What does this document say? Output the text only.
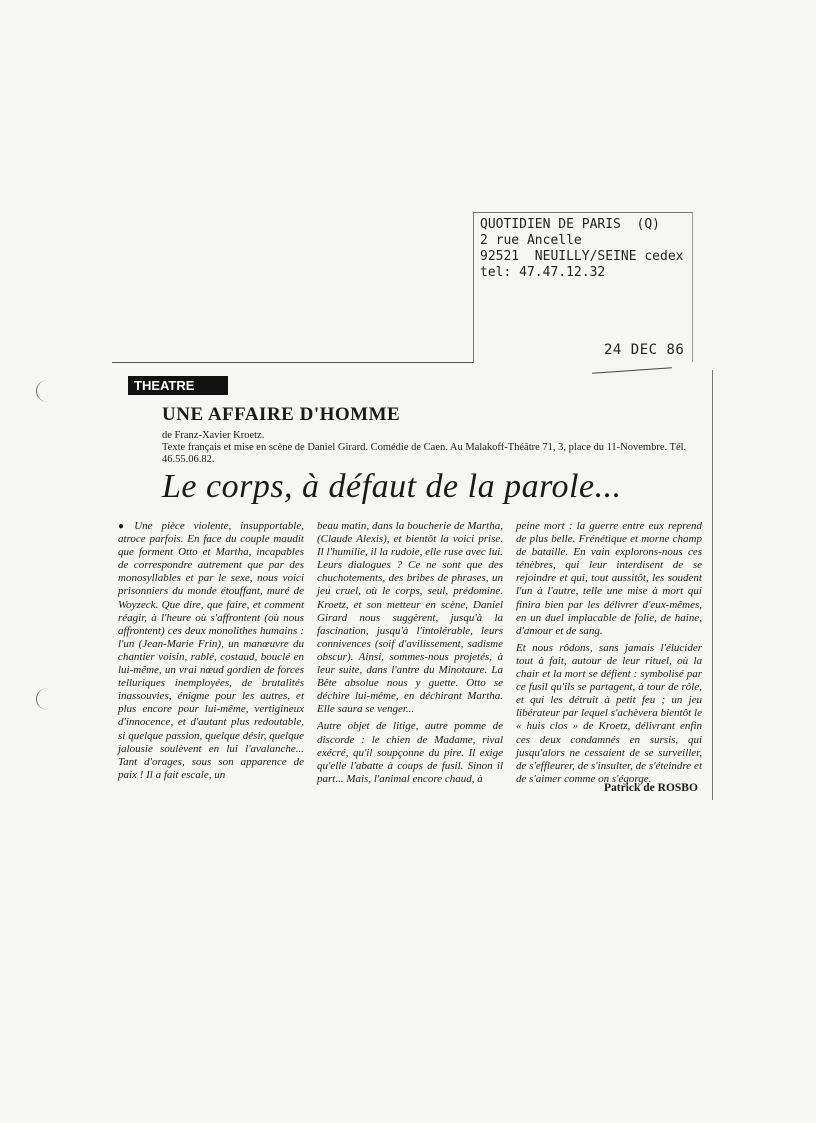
QUOTIDIEN DE PARIS  (Q)
2 rue Ancelle
92521  NEUILLY/SEINE cedex
tel: 47.47.12.32
24 DEC 86
THEATRE
UNE AFFAIRE D'HOMME
de Franz-Xavier Kroetz.
Texte français et mise en scène de Daniel Girard. Comédie de Caen. Au Malakoff-Théâtre 71, 3, place du 11-Novembre. Tél. 46.55.06.82.
Le corps, à défaut de la parole...

● Une pièce violente, insupportable, atroce parfois. En face du couple maudit que forment Otto et Martha, incapables de correspondre autrement que par des monosyllables et par le sexe, nous voici prisonniers du monde étouffant, muré de Woyzeck. Que dire, que faire, et comment réagir, à l'heure où s'affrontent (où nous affrontent) ces deux monolithes humains : l'un (Jean-Marie Frin), un manœuvre du chantier voisin, rablé, costaud, bouclé en lui-même, un vrai nœud gordien de forces telluriques inemployées, de brutalités inassouvies, énigme pour les autres, et plus encore pour lui-même, vertigineux d'innocence, et d'autant plus redoutable, si quelque passion, quelque désir, quelque jalousie soulèvent en lui l'avalanche... Tant d'orages, sous son apparence de paix ! Il a fait escale, un

beau matin, dans la boucherie de Martha, (Claude Alexis), et bientôt la voici prise. Il l'humilie, il la rudoie, elle ruse avec lui. Leurs dialogues ? Ce ne sont que des chuchotements, des bribes de phrases, un jeu cruel, où le corps, seul, prédomine. Kroetz, et son metteur en scène, Daniel Girard nous suggèrent, jusqu'à la fascination, jusqu'à l'intolérable, leurs connivences (soif d'avilissement, sadisme obscur). Ainsi, sommes-nous projetés, à leur suite, dans l'antre du Minotaure. La Bête absolue nous y guette. Otto se déchire lui-même, en déchirant Martha. Elle saura se venger...

Autre objet de litige, autre pomme de discorde : le chien de Madame, rival exécré, qu'il soupçonne du pire. Il exige qu'elle l'abatte à coups de fusil. Sinon il part... Mais, l'animal encore chaud, à

peine mort : la guerre entre eux reprend de plus belle. Frénétique et morne champ de bataille. En vain explorons-nous ces ténèbres, qui leur interdisent de se rejoindre et qui, tout aussitôt, les soudent l'un à l'autre, telle une mise à mort qui finira bien par les délivrer d'eux-mêmes, en un duel implacable de folie, de haine, d'amour et de sang.

Et nous rôdons, sans jamais l'élucider tout à fait, autour de leur rituel, où la chair et la mort se défient : symbolisé par ce fusil qu'ils se partagent, à tour de rôle, et qui les détruit à petit feu ; un jeu libérateur par lequel s'achèvera bientôt le « huis clos » de Kroetz, délivrant enfin ces deux condamnés en sursis, qui jusqu'alors ne cessaient de se surveiller, de s'effleurer, de s'insulter, de s'éteindre et de s'aimer comme on s'égorge.

Patrick de ROSBO
